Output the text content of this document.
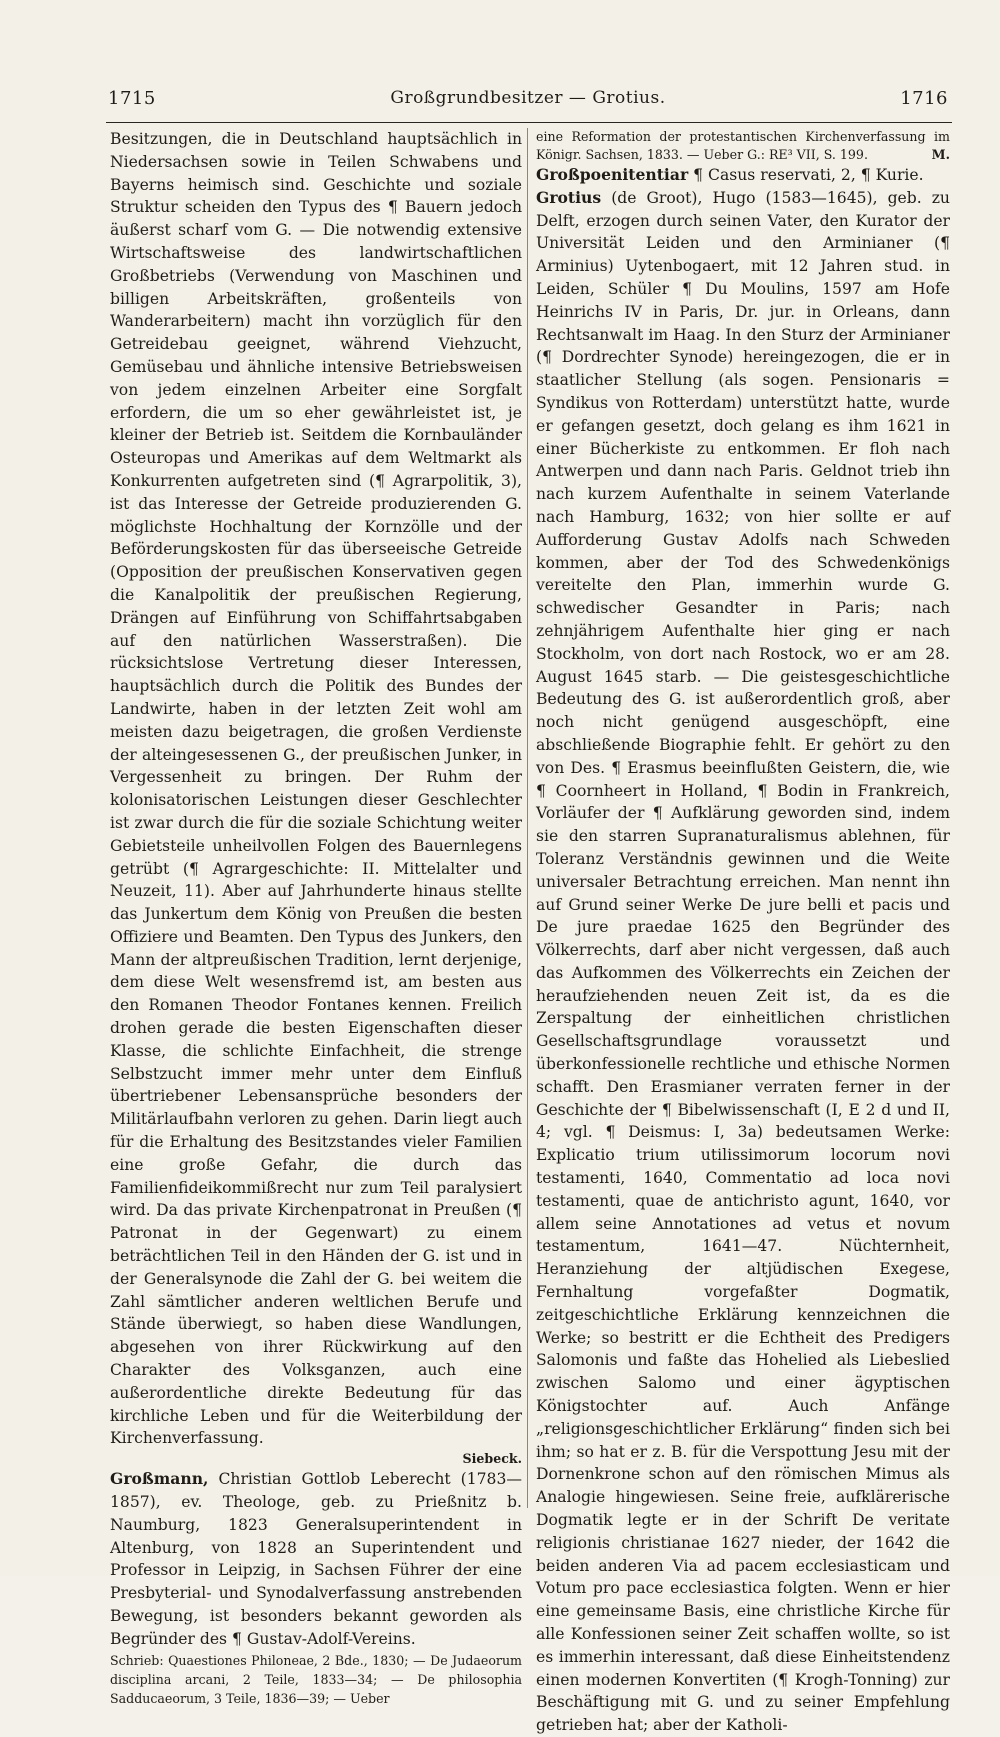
1715	Großgrundbesitzer — Grotius.	1716

Besitzungen, die in Deutschland hauptsächlich in Niedersachsen sowie in Teilen Schwabens und Bayerns heimisch sind. Geschichte und soziale Struktur scheiden den Typus des ¶ Bauern jedoch äußerst scharf vom G. — Die notwendig extensive Wirtschaftsweise des landwirtschaftlichen Großbetriebs (Verwendung von Maschinen und billigen Arbeitskräften, großenteils von Wanderarbeitern) macht ihn vorzüglich für den Getreidebau geeignet, während Viehzucht, Gemüsebau und ähnliche intensive Betriebsweisen von jedem einzelnen Arbeiter eine Sorgfalt erfordern, die um so eher gewährleistet ist, je kleiner der Betrieb ist. Seitdem die Kornbauländer Osteuropas und Amerikas auf dem Weltmarkt als Konkurrenten aufgetreten sind (¶ Agrarpolitik, 3), ist das Interesse der Getreide produzierenden G. möglichste Hochhaltung der Kornzölle und der Beförderungskosten für das überseeische Getreide (Opposition der preußischen Konservativen gegen die Kanalpolitik der preußischen Regierung, Drängen auf Einführung von Schiffahrtsabgaben auf den natürlichen Wasserstraßen). Die rücksichtslose Vertretung dieser Interessen, hauptsächlich durch die Politik des Bundes der Landwirte, haben in der letzten Zeit wohl am meisten dazu beigetragen, die großen Verdienste der alteingesessenen G., der preußischen Junker, in Vergessenheit zu bringen. Der Ruhm der kolonisatorischen Leistungen dieser Geschlechter ist zwar durch die für die soziale Schichtung weiter Gebietsteile unheilvollen Folgen des Bauernlegens getrübt (¶ Agrargeschichte: II. Mittelalter und Neuzeit, 11). Aber auf Jahrhunderte hinaus stellte das Junkertum dem König von Preußen die besten Offiziere und Beamten. Den Typus des Junkers, den Mann der altpreußischen Tradition, lernt derjenige, dem diese Welt wesensfremd ist, am besten aus den Romanen Theodor Fontanes kennen. Freilich drohen gerade die besten Eigenschaften dieser Klasse, die schlichte Einfachheit, die strenge Selbstzucht immer mehr unter dem Einfluß übertriebener Lebensansprüche besonders der Militärlaufbahn verloren zu gehen. Darin liegt auch für die Erhaltung des Besitzstandes vieler Familien eine große Gefahr, die durch das Familienfideikommißrecht nur zum Teil paralysiert wird. Da das private Kirchenpatronat in Preußen (¶ Patronat in der Gegenwart) zu einem beträchtlichen Teil in den Händen der G. ist und in der Generalsynode die Zahl der G. bei weitem die Zahl sämtlicher anderen weltlichen Berufe und Stände überwiegt, so haben diese Wandlungen, abgesehen von ihrer Rückwirkung auf den Charakter des Volksganzen, auch eine außerordentliche direkte Bedeutung für das kirchliche Leben und für die Weiterbildung der Kirchenverfassung.

Siebeck.

Großmann, Christian Gottlob Leberecht (1783—1857), ev. Theologe, geb. zu Prießnitz b. Naumburg, 1823 Generalsuperintendent in Altenburg, von 1828 an Superintendent und Professor in Leipzig, in Sachsen Führer der eine Presbyterial- und Synodalverfassung anstrebenden Bewegung, ist besonders bekannt geworden als Begründer des ¶ Gustav-Adolf-Vereins.

Schrieb: Quaestiones Philoneae, 2 Bde., 1830; — De Judaeorum disciplina arcani, 2 Teile, 1833—34; — De philosophia Sadducaeorum, 3 Teile, 1836—39; — Ueber

eine Reformation der protestantischen Kirchenverfassung im Königr. Sachsen, 1833. — Ueber G.: RE³ VII, S. 199.	M.

Großpoenitentiar ¶ Casus reservati, 2, ¶ Kurie.

Grotius (de Groot), Hugo (1583—1645), geb. zu Delft, erzogen durch seinen Vater, den Kurator der Universität Leiden und den Arminianer (¶ Arminius) Uytenbogaert, mit 12 Jahren stud. in Leiden, Schüler ¶ Du Moulins, 1597 am Hofe Heinrichs IV in Paris, Dr. jur. in Orleans, dann Rechtsanwalt im Haag. In den Sturz der Arminianer (¶ Dordrechter Synode) hereingezogen, die er in staatlicher Stellung (als sogen. Pensionaris = Syndikus von Rotterdam) unterstützt hatte, wurde er gefangen gesetzt, doch gelang es ihm 1621 in einer Bücherkiste zu entkommen. Er floh nach Antwerpen und dann nach Paris. Geldnot trieb ihn nach kurzem Aufenthalte in seinem Vaterlande nach Hamburg, 1632; von hier sollte er auf Aufforderung Gustav Adolfs nach Schweden kommen, aber der Tod des Schwedenkönigs vereitelte den Plan, immerhin wurde G. schwedischer Gesandter in Paris; nach zehnjährigem Aufenthalte hier ging er nach Stockholm, von dort nach Rostock, wo er am 28. August 1645 starb. — Die geistesgeschichtliche Bedeutung des G. ist außerordentlich groß, aber noch nicht genügend ausgeschöpft, eine abschließende Biographie fehlt. Er gehört zu den von Des. ¶ Erasmus beeinflußten Geistern, die, wie ¶ Coornheert in Holland, ¶ Bodin in Frankreich, Vorläufer der ¶ Aufklärung geworden sind, indem sie den starren Supranaturalismus ablehnen, für Toleranz Verständnis gewinnen und die Weite universaler Betrachtung erreichen. Man nennt ihn auf Grund seiner Werke De jure belli et pacis und De jure praedae 1625 den Begründer des Völkerrechts, darf aber nicht vergessen, daß auch das Aufkommen des Völkerrechts ein Zeichen der heraufziehenden neuen Zeit ist, da es die Zerspaltung der einheitlichen christlichen Gesellschaftsgrundlage voraussetzt und überkonfessionelle rechtliche und ethische Normen schafft. Den Erasmianer verraten ferner in der Geschichte der ¶ Bibelwissenschaft (I, E 2 d und II, 4; vgl. ¶ Deismus: I, 3a) bedeutsamen Werke: Explicatio trium utilissimorum locorum novi testamenti, 1640, Commentatio ad loca novi testamenti, quae de antichristo agunt, 1640, vor allem seine Annotationes ad vetus et novum testamentum, 1641—47. Nüchternheit, Heranziehung der altjüdischen Exegese, Fernhaltung vorgefaßter Dogmatik, zeitgeschichtliche Erklärung kennzeichnen die Werke; so bestritt er die Echtheit des Predigers Salomonis und faßte das Hohelied als Liebeslied zwischen Salomo und einer ägyptischen Königstochter auf. Auch Anfänge „religionsgeschichtlicher Erklärung“ finden sich bei ihm; so hat er z. B. für die Verspottung Jesu mit der Dornenkrone schon auf den römischen Mimus als Analogie hingewiesen. Seine freie, aufklärerische Dogmatik legte er in der Schrift De veritate religionis christianae 1627 nieder, der 1642 die beiden anderen Via ad pacem ecclesiasticam und Votum pro pace ecclesiastica folgten. Wenn er hier eine gemeinsame Basis, eine christliche Kirche für alle Konfessionen seiner Zeit schaffen wollte, so ist es immerhin interessant, daß diese Einheitstendenz einen modernen Konvertiten (¶ Krogh-Tonning) zur Beschäftigung mit G. und zu seiner Empfehlung getrieben hat; aber der Katholi-
